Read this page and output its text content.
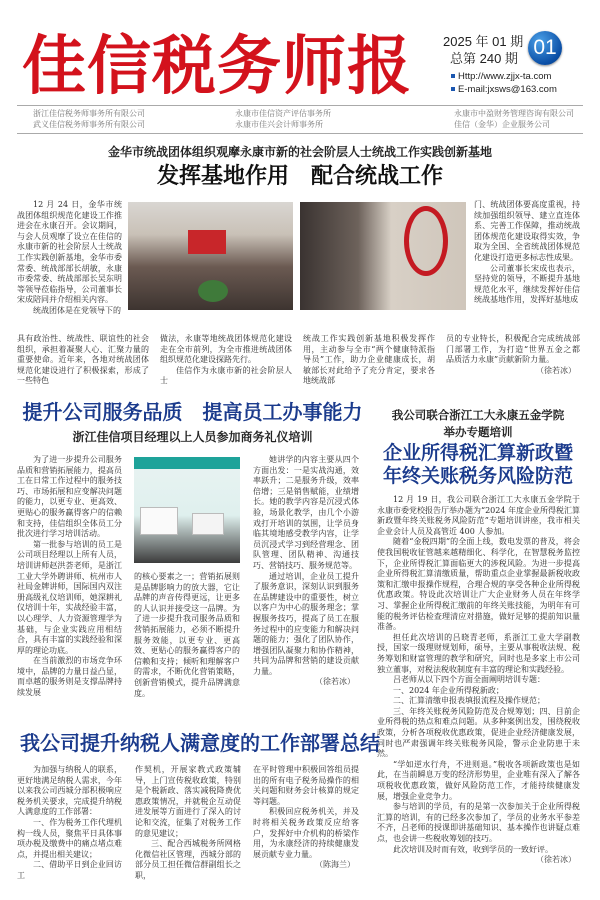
佳信税务师报 2025 年 01 期
总第 240 期 01
Http://www.zjjx-ta.com
E-mail:jxsws@163.com
浙江佳信税务师事务所有限公司
武义佳信税务师事务所有限公司
永康市佳信资产评估事务所
永康市佳兴会计师事务所
永康市中盈财务管理咨询有限公司
佳信（金华）企业服务公司
金华市统战团体组织观摩永康市新的社会阶层人士统战工作实践创新基地
发挥基地作用　配合统战工作

12 月 24 日，金华市统战团体组织规范化建设工作推进会在永康召开。会议期间，与会人员观摩了设立在佳信的永康市新的社会阶层人士统战工作实践创新基地，金华市委常委、统战部部长胡敏，永康市委常委、统战部部长吴东明等领导莅临指导，公司董事长宋成陪同并介绍相关内容。

统战团体是在党领导下的

门、统战团体要高度重视，持续加强组织领导、建立直连体系、完善工作保障，推动统战团体规范化建设取得实效，争取为全国、全省统战团体规范化建设打造更多标志性成果。

公司董事长宋成也表示，坚持党的领导，不断提升基地规范化水平，继续发挥好佳信统战基地作用，发挥好基地成

具有政治性、统战性、联谊性的社会组织，承担着凝聚人心、汇聚力量的重要使命。近年来，各地对统战团体规范化建设进行了积极探索，形成了一些特色

做法，永康等地统战团体规范化建设走在全市前列，为全市推进统战团体组织规范化建设探路先行。

佳信作为永康市新的社会阶层人士

统战工作实践创新基地积极发挥作用，主动参与全市“两个健康特派指导员”工作，助力企业健康成长，胡敏部长对此给予了充分肯定，要求各地统战部

员的专业特长，积极配合完成统战部门部署工作，为打造“世界五金之都　品质活力永康”贡献新阶力量。

（徐若冰）
提升公司服务品质　提高员工办事能力
浙江佳信项目经理以上人员参加商务礼仪培训

为了进一步提升公司服务品质和营销拓展能力，提高员工在日常工作过程中的服务技巧、市场拓展和应变解决问题的能力，以更专业、更高效、更贴心的服务赢得客户的信赖和支持，佳信组织全体员工分批次进行学习培训活动。

第一批参与培训的员工是公司项目经理以上所有人员，培训讲师赵洪荟老师，是浙江工业大学外聘讲师、杭州市人社局金牌讲师，国际国内双注册高级礼仪培训师，她深耕礼仪培训十年，实战经验丰富，以心理学、人力资源管理学为基础，与企业实践应用相结合，具有丰富的实践经验和深厚的理论功底。

在当前激烈的市场竞争环境中，品牌的力量日益凸显，而卓越的服务则是支撑品牌持续发展

的核心要素之一；营销拓展则是品牌影响力的放大器，它让品牌的声音传得更远，让更多的人认识并接受这一品牌。为了进一步提升我司服务品质和营销拓展能力，必须不断提升服务效能，以更专业、更高效、更贴心的服务赢得客户的信赖和支持；倾听和理解客户的需求，不断优化营销策略，创新营销模式，提升品牌满意度。

她讲学的内容主要从四个方面出发：一是实战沟通，效率跃升；二是服务升级，效率倍增；三是销售赋能，业绩增长。她的教学内容是沉浸式体验，场景化教学，由几个小游戏打开培训的氛围，让学员身临其境地感受教学内容，让学员沉浸式学习到经营理念、团队管理、团队精神、沟通技巧、营销技巧、服务规范等。

通过培训，企业员工提升了服务意识，深刻认识到服务在品牌建设中的重要性，树立以客户为中心的服务理念；掌握服务技巧，提高了员工在服务过程中的应变能力和解决问题的能力；强化了团队协作，增强团队凝聚力和协作精神，共同为品牌和营销的建设贡献力量。

（徐若冰）
我公司联合浙江工大永康五金学院
举办专题培训
企业所得税汇算新政暨
年终关账税务风险防范

12 月 19 日，我公司联合浙江工大永康五金学院于永康市委党校报告厅举办题为“2024 年度企业所得税汇算新政暨年终关账税务风险防范”专题培训讲座，我市相关企业会计人员及高管近 400 人参加。

随着“金税四期”的全面上线，数电发票的普及，将会使我国税收征管越来越精细化、科学化，在智慧税务监控下，企业所得税汇算面临更大的涉税风险。为进一步提高企业所得税汇算清缴质量，帮助重点企业掌握最新税收政策和汇缴申报操作规程，合理合规的享受各种企业所得税优惠政策。特设此次培训让广大企业财务人员在年终学习、掌握企业所得税汇缴前的年终关账技能，为明年有可能的税务评估检查理清应对措施，做好足够的提前知识量准备。

担任此次培训的吕晓青老师，系浙江工业大学副教授，国家一级理财规划师，硕导，主要从事税收法规、税务筹划和财富管理的教学和研究，同时也是多家上市公司独立董事，对税法税收制度有丰富的理论和实践经验。

吕老师从以下四个方面全面阐明培训专题：

一、2024 年企业所得税新政；

二、汇算清缴申报表填报流程及操作规范；

三、年终关账税务风险防范及合规筹划；四、目前企业所得税的热点和难点问题。从多种案例出发，围绕税收政策，分析各项税收优惠政策，促进企业经济健康发展，同时也严肃强调年终关账税务风险，警示企业防患于未然。

“学如逆水行舟，不进则退。”税收各项新政策也是如此，在当前瞬息万变的经济形势里，企业唯有深入了解各项税收优惠政策，做好风险防范工作，才能持续健康发展，增强企业竞争力。

参与培训的学员，有的是第一次参加关于企业所得税汇算的培训，有的已经多次参加了，学员的业务水平参差不齐，吕老师的授课即讲基础知识、基本操作也讲疑点难点，也会讲一些税收筹划的技巧。

此次培训及时而有效，收到学员的一致好评。

（徐若冰）
我公司提升纳税人满意度的工作部署总结

为加强与纳税人的联系，更好地满足纳税人需求，今年以来我公司西城分部积极响应税务机关要求，完成提升纳税人满意度的工作部署：

一、作为税务工作代理机构一线人员，聚焦平日具体事项办税及缴费中的痛点堵点难点，并提出相关建议；

二、借助平日到企业回访工

作契机，开展家教式政策辅导，上门宣传税收政策，特别是个税新政、落实减税降费优惠政策情况，并就税企互动促进发展等方面进行了深入的讨论和交流，征集了对税务工作的意见建议；

三、配合西城税务所网格化微信社区管理，西城分部的部分员工担任微信群副组长之职，

在平时管理中积极回答组员提出的所有电子税务局操作的相关问题和财务会计核算的规定等问题。

积极回应税务机关，并及时将相关税务政策反应给客户，发挥好中介机构的桥梁作用，为永康经济的持续健康发展贡献专业力量。

（陈海兰）
